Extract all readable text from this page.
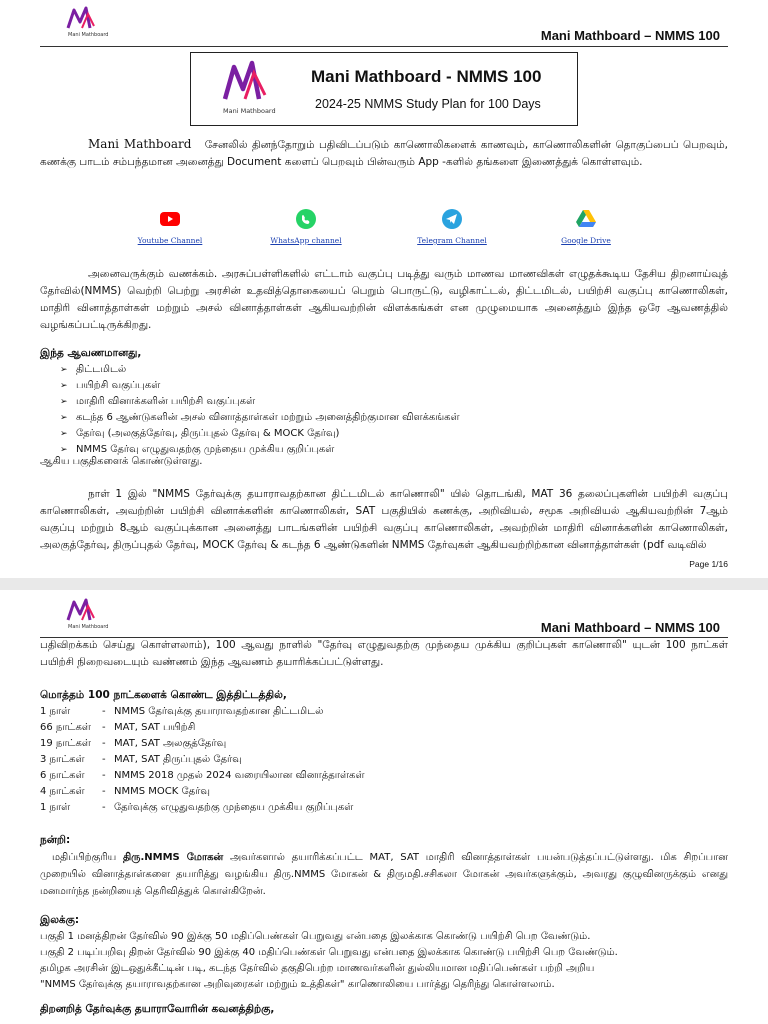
Mani Mathboard	Mani Mathboard – NMMS 100
Mani Mathboard
Mani Mathboard - NMMS 100
2024-25 NMMS Study Plan for 100 Days
Mani Mathboard சேனலில் தினந்தோறும் பதிவிடப்படும் காணொலிகளைக் காணவும், காணொலிகளின் தொகுப்பைப் பெறவும், கணக்கு பாடம் சம்பந்தமான அனைத்து Document களைப் பெறவும் பின்வரும் App -களில் தங்களை இணைத்துக் கொள்ளவும்.
Youtube Channel	WhatsApp channel	Telegram Channel	Google Drive
அனைவருக்கும் வணக்கம். அரசுப்பள்ளிகளில் எட்டாம் வகுப்பு படித்து வரும் மாணவ மாணவிகள் எழுதக்கூடிய தேசிய திறனாய்வுத் தேர்வில்(NMMS) வெற்றி பெற்று அரசின் உதவித்தொகையைப் பெறும் பொருட்டு, வழிகாட்டல், திட்டமிடல், பயிற்சி வகுப்பு காணொலிகள், மாதிரி வினாத்தாள்கள் மற்றும் அசல் வினாத்தாள்கள் ஆகியவற்றின் விளக்கங்கள் என முழுமையாக அனைத்தும் இந்த ஒரே ஆவணத்தில் வழங்கப்பட்டிருக்கிறது.
இந்த ஆவணமானது,
➢ திட்டமிடல்
➢ பயிற்சி வகுப்புகள்
➢ மாதிரி வினாக்களின் பயிற்சி வகுப்புகள்
➢ கடந்த 6 ஆண்டுகளின் அசல் வினாத்தாள்கள் மற்றும் அனைத்திற்குமான விளக்கங்கள்
➢ தேர்வு (அலகுத்தேர்வு, திருப்புதல் தேர்வு & MOCK தேர்வு)
➢ NMMS தேர்வு எழுதுவதற்கு முந்தைய முக்கிய குறிப்புகள்
ஆகிய பகுதிகளைக் கொண்டுள்ளது.
நாள் 1 இல் "NMMS தேர்வுக்கு தயாராவதற்கான திட்டமிடல் காணொலி" யில் தொடங்கி, MAT 36 தலைப்புகளின் பயிற்சி வகுப்பு காணொலிகள், அவற்றின் பயிற்சி வினாக்களின் காணொலிகள், SAT பகுதியில் கணக்கு, அறிவியல், சமூக அறிவியல் ஆகியவற்றின் 7ஆம் வகுப்பு மற்றும் 8ஆம் வகுப்புக்கான அனைத்து பாடங்களின் பயிற்சி வகுப்பு காணொலிகள், அவற்றின் மாதிரி வினாக்களின் காணொலிகள், அலகுத்தேர்வு, திருப்புதல் தேர்வு, MOCK தேர்வு & கடந்த 6 ஆண்டுகளின் NMMS தேர்வுகள் ஆகியவற்றிற்கான வினாத்தாள்கள் (pdf வடிவில்
Page 1/16
Mani Mathboard	Mani Mathboard – NMMS 100
பதிவிறக்கம் செய்து கொள்ளலாம்), 100 ஆவது நாளில் "தேர்வு எழுதுவதற்கு முந்தைய முக்கிய குறிப்புகள் காணொலி" யுடன் 100 நாட்கள் பயிற்சி நிறைவடையும் வண்ணம் இந்த ஆவணம் தயாரிக்கப்பட்டுள்ளது.
மொத்தம் 100 நாட்களைக் கொண்ட இத்திட்டத்தில்,
1 நாள்	- NMMS தேர்வுக்கு தயாராவதற்கான திட்டமிடல்
66 நாட்கள்	- MAT, SAT பயிற்சி
19 நாட்கள்	- MAT, SAT அலகுத்தேர்வு
3 நாட்கள்	- MAT, SAT திருப்புதல் தேர்வு
6 நாட்கள்	- NMMS 2018 முதல் 2024 வரையிலான வினாத்தாள்கள்
4 நாட்கள்	- NMMS MOCK தேர்வு
1 நாள்	- தேர்வுக்கு எழுதுவதற்கு முந்தைய முக்கிய குறிப்புகள்
நன்றி:
மதிப்பிற்குரிய திரு.NMMS மோகன் அவர்களால் தயாரிக்கப்பட்ட MAT, SAT மாதிரி வினாத்தாள்கள் பயன்படுத்தப்பட்டுள்ளது. மிக சிறப்பான முறையில் வினாத்தாள்களை தயாரித்து வழங்கிய திரு.NMMS மோகன் & திருமதி.சசிகலா மோகன் அவர்களுக்கும், அவரது குழுவினருக்கும் எனது மனமார்ந்த நன்றியைத் தெரிவித்துக் கொள்கிறேன்.
இலக்கு:
பகுதி 1 மனத்திறன் தேர்வில் 90 இக்கு 50 மதிப்பெண்கள் பெறுவது என்பதை இலக்காக கொண்டு பயிற்சி பெற வேண்டும்.
பகுதி 2 படிப்பறிவு திறன் தேர்வில் 90 இக்கு 40 மதிப்பெண்கள் பெறுவது என்பதை இலக்காக கொண்டு பயிற்சி பெற வேண்டும்.
தமிழக அரசின் இடஒதுக்கீட்டின் படி, கடந்த தேர்வில் தகுதிபெற்ற மாணவர்களின் துல்லியமான மதிப்பெண்கள் பற்றி அறிய
"NMMS தேர்வுக்கு தயாராவதற்கான அறிவுரைகள் மற்றும் உத்திகள்" காணொலியை பார்த்து தெரிந்து கொள்ளலாம்.
திறனறித் தேர்வுக்கு தயாராவோரின் கவனத்திற்கு,
